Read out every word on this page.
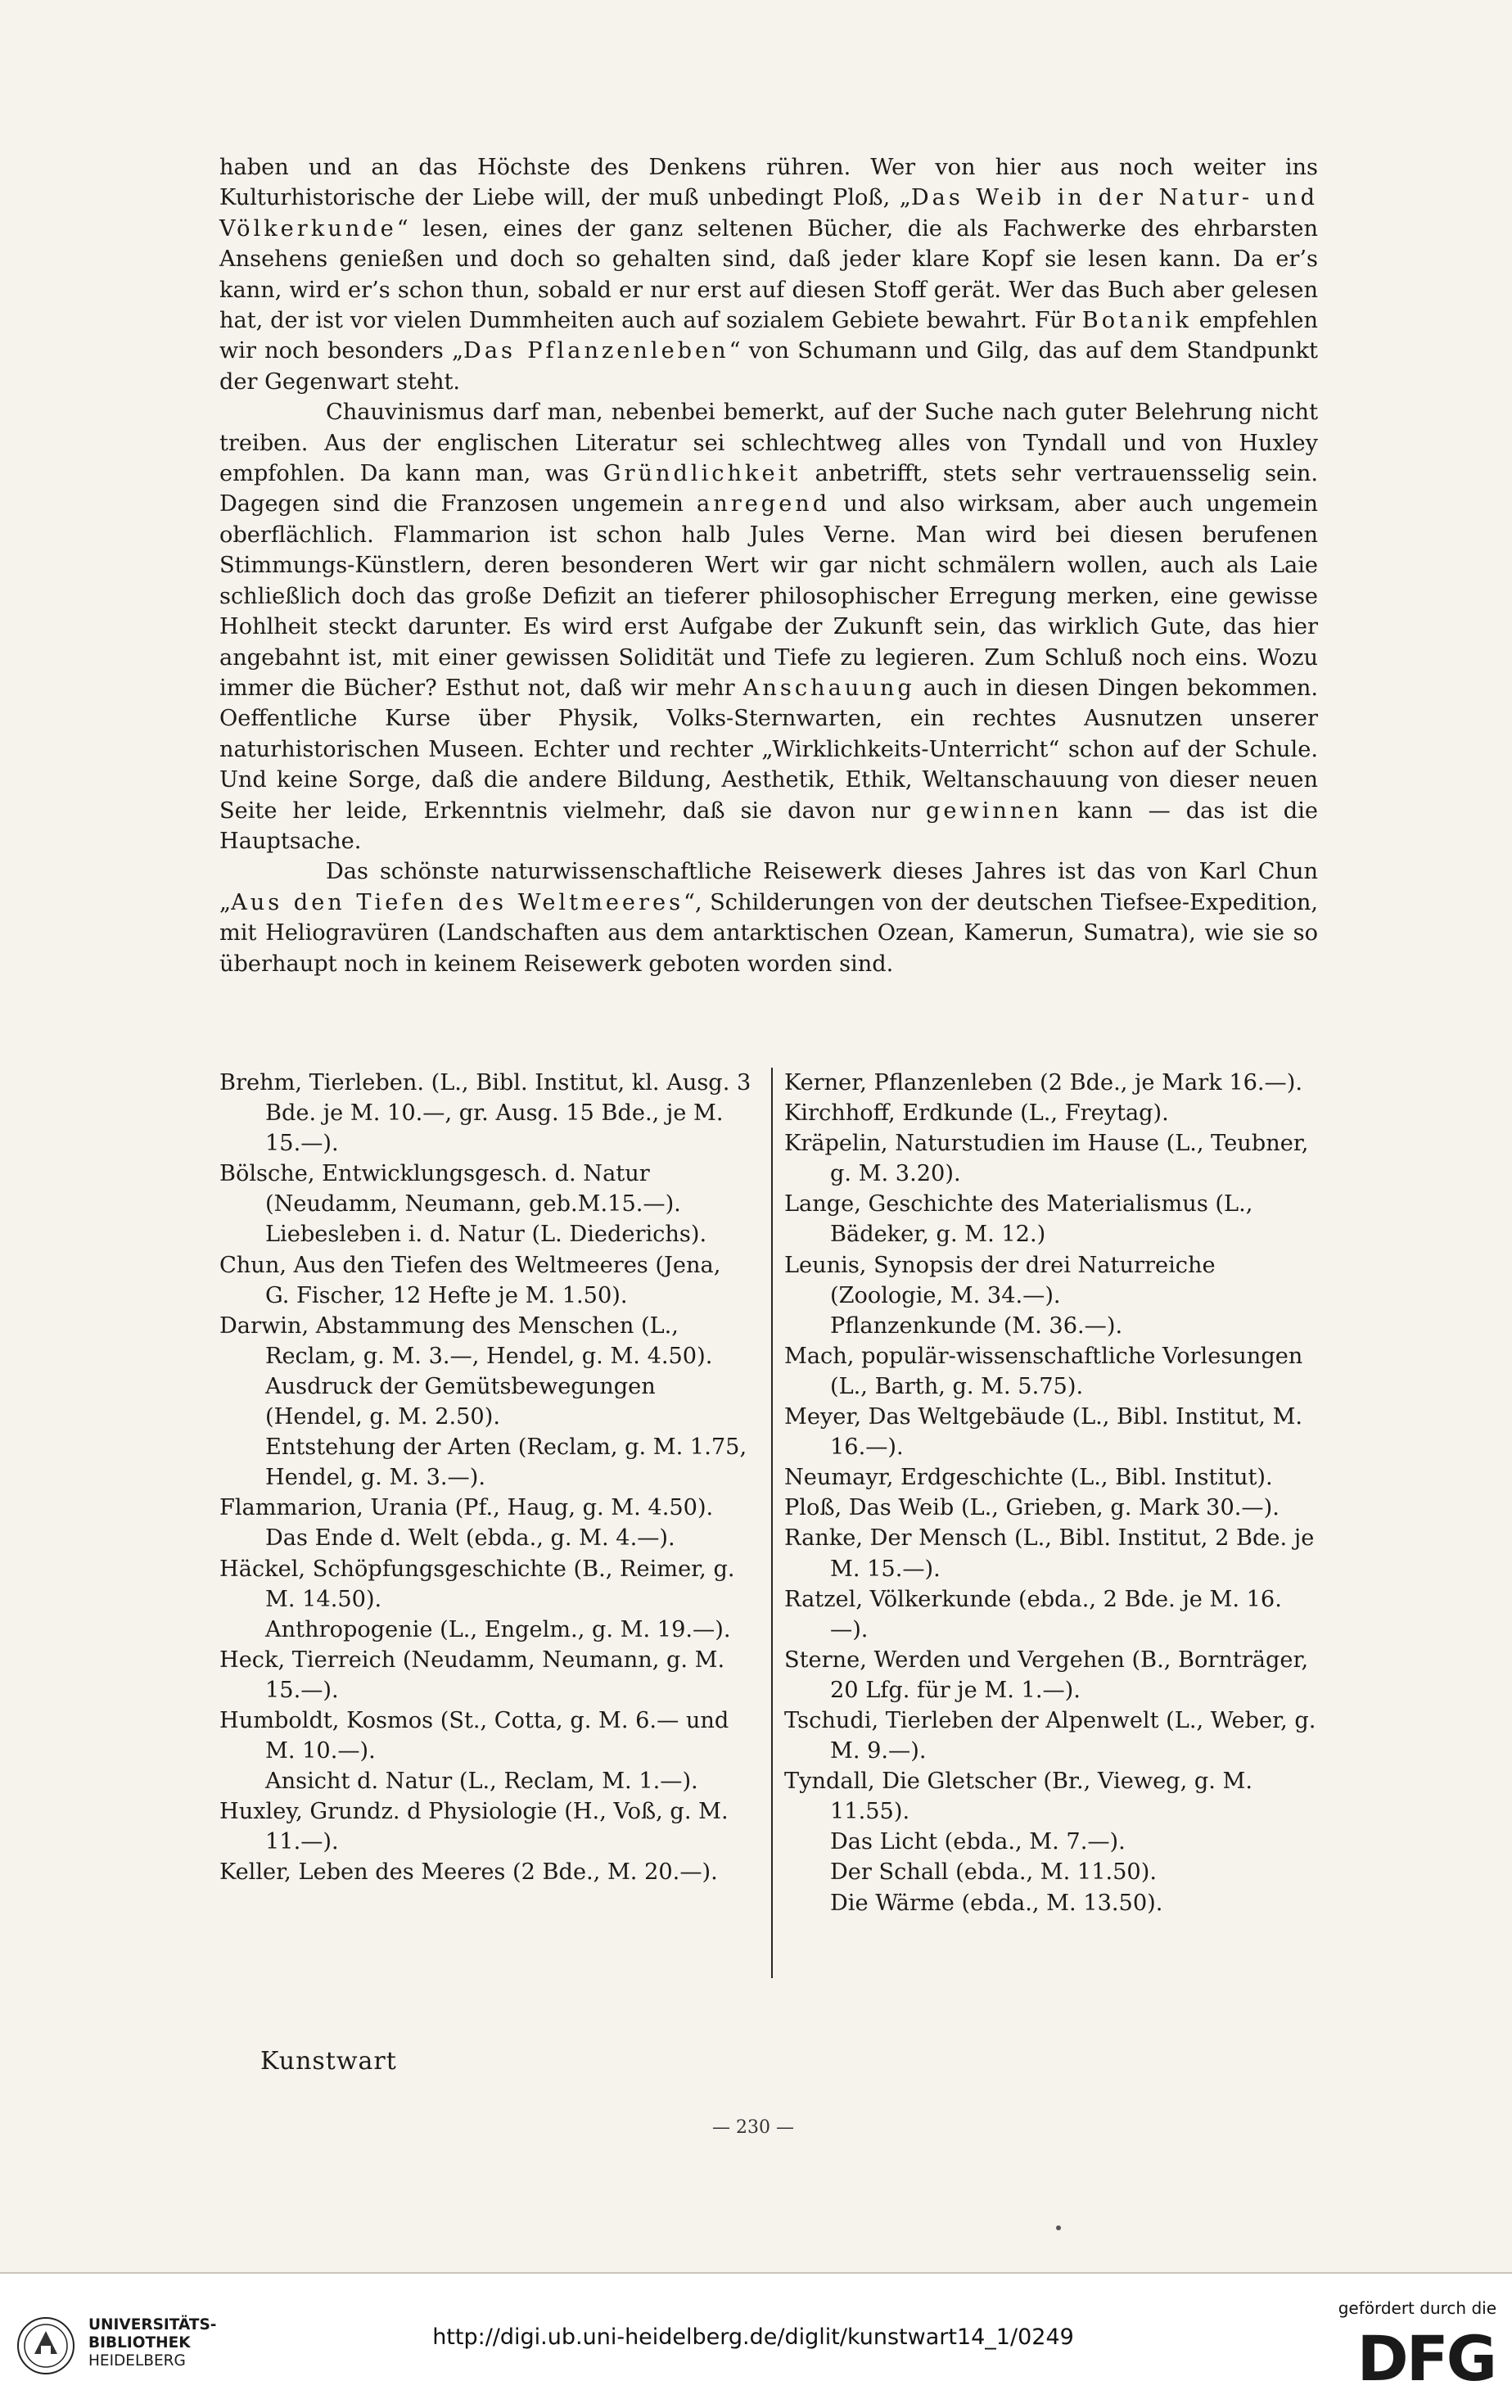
haben und an das Höchste des Denkens rühren. Wer von hier aus noch weiter ins Kulturhistorische der Liebe will, der muß unbedingt Ploß, „Das Weib in der Natur- und Völkerkunde“ lesen, eines der ganz seltenen Bücher, die als Fachwerke des ehrbarsten Ansehens genießen und doch so gehalten sind, daß jeder klare Kopf sie lesen kann. Da er’s kann, wird er’s schon thun, sobald er nur erst auf diesen Stoff gerät. Wer das Buch aber gelesen hat, der ist vor vielen Dummheiten auch auf sozialem Gebiete bewahrt. Für Botanik empfehlen wir noch besonders „Das Pflanzenleben“ von Schumann und Gilg, das auf dem Standpunkt der Gegenwart steht.

Chauvinismus darf man, nebenbei bemerkt, auf der Suche nach guter Belehrung nicht treiben. Aus der englischen Literatur sei schlechtweg alles von Tyndall und von Huxley empfohlen. Da kann man, was Gründlichkeit anbetrifft, stets sehr vertrauensselig sein. Dagegen sind die Franzosen ungemein anregend und also wirksam, aber auch ungemein oberflächlich. Flammarion ist schon halb Jules Verne. Man wird bei diesen berufenen Stimmungs-Künstlern, deren besonderen Wert wir gar nicht schmälern wollen, auch als Laie schließlich doch das große Defizit an tieferer philosophischer Erregung merken, eine gewisse Hohlheit steckt darunter. Es wird erst Aufgabe der Zukunft sein, das wirklich Gute, das hier angebahnt ist, mit einer gewissen Solidität und Tiefe zu legieren. Zum Schluß noch eins. Wozu immer die Bücher? Esthut not, daß wir mehr Anschauung auch in diesen Dingen bekommen. Oeffentliche Kurse über Physik, Volks-Sternwarten, ein rechtes Ausnutzen unserer naturhistorischen Museen. Echter und rechter „Wirklichkeits-Unterricht“ schon auf der Schule. Und keine Sorge, daß die andere Bildung, Aesthetik, Ethik, Weltanschauung von dieser neuen Seite her leide, Erkenntnis vielmehr, daß sie davon nur gewinnen kann — das ist die Hauptsache.

Das schönste naturwissenschaftliche Reisewerk dieses Jahres ist das von Karl Chun „Aus den Tiefen des Weltmeeres“, Schilderungen von der deutschen Tiefsee-Expedition, mit Heliogravüren (Landschaften aus dem antarktischen Ozean, Kamerun, Sumatra), wie sie so überhaupt noch in keinem Reisewerk geboten worden sind.

Brehm, Tierleben. (L., Bibl. Institut, kl. Ausg. 3 Bde. je M. 10.—, gr. Ausg. 15 Bde., je M. 15.—).
Bölsche, Entwicklungsgesch. d. Natur (Neudamm, Neumann, geb.M.15.—).
Liebesleben i. d. Natur (L. Diederichs).
Chun, Aus den Tiefen des Weltmeeres (Jena, G. Fischer, 12 Hefte je M. 1.50).
Darwin, Abstammung des Menschen (L., Reclam, g. M. 3.—, Hendel, g. M. 4.50).
Ausdruck der Gemütsbewegungen (Hendel, g. M. 2.50).
Entstehung der Arten (Reclam, g. M. 1.75, Hendel, g. M. 3.—).
Flammarion, Urania (Pf., Haug, g. M. 4.50).
Das Ende d. Welt (ebda., g. M. 4.—).
Häckel, Schöpfungsgeschichte (B., Reimer, g. M. 14.50).
Anthropogenie (L., Engelm., g. M. 19.—).
Heck, Tierreich (Neudamm, Neumann, g. M. 15.—).
Humboldt, Kosmos (St., Cotta, g. M. 6.— und M. 10.—).
Ansicht d. Natur (L., Reclam, M. 1.—).
Huxley, Grundz. d Physiologie (H., Voß, g. M. 11.—).
Keller, Leben des Meeres (2 Bde., M. 20.—).
Kerner, Pflanzenleben (2 Bde., je Mark 16.—).
Kirchhoff, Erdkunde (L., Freytag).
Kräpelin, Naturstudien im Hause (L., Teubner, g. M. 3.20).
Lange, Geschichte des Materialismus (L., Bädeker, g. M. 12.)
Leunis, Synopsis der drei Naturreiche (Zoologie, M. 34.—).
Pflanzenkunde (M. 36.—).
Mach, populär-wissenschaftliche Vorlesungen (L., Barth, g. M. 5.75).
Meyer, Das Weltgebäude (L., Bibl. Institut, M. 16.—).
Neumayr, Erdgeschichte (L., Bibl. Institut).
Ploß, Das Weib (L., Grieben, g. Mark 30.—).
Ranke, Der Mensch (L., Bibl. Institut, 2 Bde. je M. 15.—).
Ratzel, Völkerkunde (ebda., 2 Bde. je M. 16.—).
Sterne, Werden und Vergehen (B., Bornträger, 20 Lfg. für je M. 1.—).
Tschudi, Tierleben der Alpenwelt (L., Weber, g. M. 9.—).
Tyndall, Die Gletscher (Br., Vieweg, g. M. 11.55).
Das Licht (ebda., M. 7.—).
Der Schall (ebda., M. 11.50).
Die Wärme (ebda., M. 13.50).
Kunstwart
— 230 —
UNIVERSITÄTS-
BIBLIOTHEK
HEIDELBERG
http://digi.ub.uni-heidelberg.de/diglit/kunstwart14_1/0249
gefördert durch die
DFG
